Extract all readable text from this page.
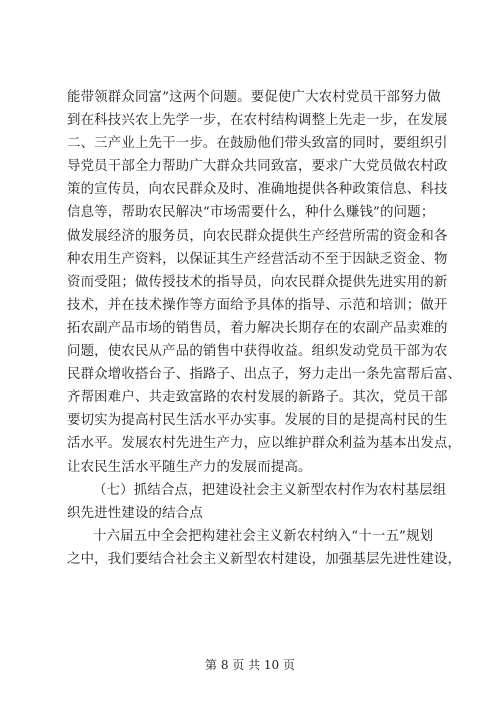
能带领群众同富”这两个问题。要促使广大农村党员干部努力做
到在科技兴农上先学一步，在农村结构调整上先走一步，在发展
二、三产业上先干一步。在鼓励他们带头致富的同时，要组织引
导党员干部全力帮助广大群众共同致富，要求广大党员做农村政
策的宣传员，向农民群众及时、准确地提供各种政策信息、科技
信息等，帮助农民解决“市场需要什么，种什么赚钱”的问题；
做发展经济的服务员，向农民群众提供生产经营所需的资金和各
种农用生产资料，以保证其生产经营活动不至于因缺乏资金、物
资而受阻；做传授技术的指导员，向农民群众提供先进实用的新
技术，并在技术操作等方面给予具体的指导、示范和培训；做开
拓农副产品市场的销售员，着力解决长期存在的农副产品卖难的
问题，使农民从产品的销售中获得收益。组织发动党员干部为农
民群众增收搭台子、指路子、出点子，努力走出一条先富帮后富、
齐帮困难户、共走致富路的农村发展的新路子。其次，党员干部
要切实为提高村民生活水平办实事。发展的目的是提高村民的生
活水平。发展农村先进生产力，应以维护群众利益为基本出发点，
让农民生活水平随生产力的发展而提高。
（七）抓结合点，把建设社会主义新型农村作为农村基层组
织先进性建设的结合点
十六届五中全会把构建社会主义新农村纳入“十一五”规划
之中，我们要结合社会主义新型农村建设，加强基层先进性建设，
第 8 页 共 10 页
